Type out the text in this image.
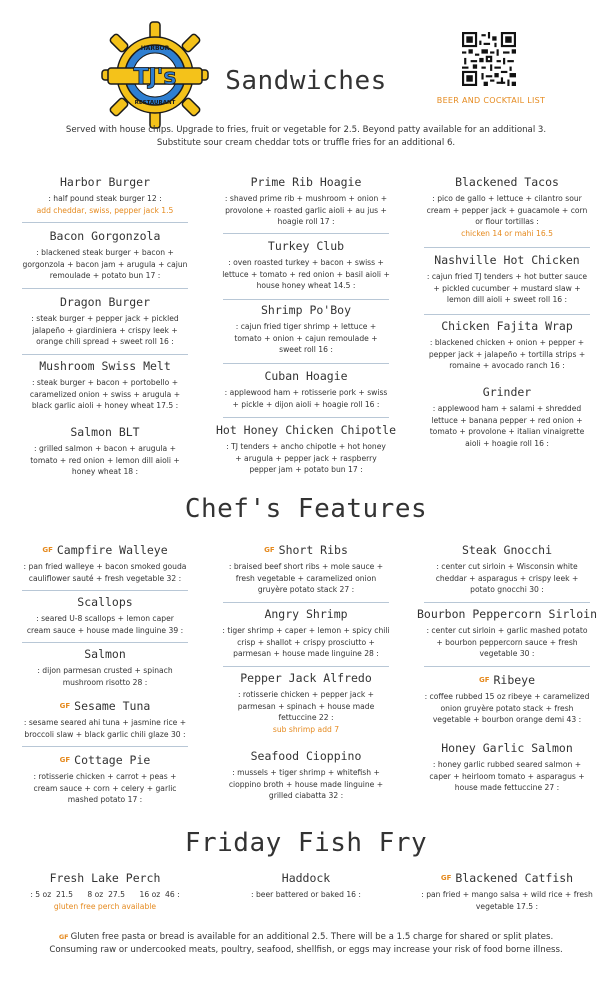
HARBOR
TJ's
RESTAURANT	BEER AND COCKTAIL LIST
Sandwiches
Served with house chips. Upgrade to fries, fruit or vegetable for 2.5. Beyond patty available for an additional 3.
Substitute sour cream cheddar tots or truffle fries for an additional 6.
Harbor Burger
: half pound steak burger 12 :
add cheddar, swiss, pepper jack 1.5
Bacon Gorgonzola
: blackened steak burger + bacon +
gorgonzola + bacon jam + arugula + cajun
remoulade + potato bun 17 :
Dragon Burger
: steak burger + pepper jack + pickled
jalapeño + giardiniera + crispy leek +
orange chili spread + sweet roll 16 :
Mushroom Swiss Melt
: steak burger + bacon + portobello +
caramelized onion + swiss + arugula +
black garlic aioli + honey wheat 17.5 :
Salmon BLT
: grilled salmon + bacon + arugula +
tomato + red onion + lemon dill aioli +
honey wheat 18 :
Prime Rib Hoagie
: shaved prime rib + mushroom + onion +
provolone + roasted garlic aioli + au jus +
hoagie roll 17 :
Turkey Club
: oven roasted turkey + bacon + swiss +
lettuce + tomato + red onion + basil aioli +
house honey wheat 14.5 :
Shrimp Po'Boy
: cajun fried tiger shrimp + lettuce +
tomato + onion + cajun remoulade +
sweet roll 16 :
Cuban Hoagie
: applewood ham + rotisserie pork + swiss
+ pickle + dijon aioli + hoagie roll 16 :
Hot Honey Chicken Chipotle
: TJ tenders + ancho chipotle + hot honey
+ arugula + pepper jack + raspberry
pepper jam + potato bun 17 :
Blackened Tacos
: pico de gallo + lettuce + cilantro sour
cream + pepper jack + guacamole + corn
or flour tortillas :
chicken 14 or mahi 16.5
Nashville Hot Chicken
: cajun fried TJ tenders + hot butter sauce
+ pickled cucumber + mustard slaw +
lemon dill aioli + sweet roll 16 :
Chicken Fajita Wrap
: blackened chicken + onion + pepper +
pepper jack + jalapeño + tortilla strips +
romaine + avocado ranch 16 :
Grinder
: applewood ham + salami + shredded
lettuce + banana pepper + red onion +
tomato + provolone + italian vinaigrette
aioli + hoagie roll 16 :
Chef's Features
GF Campfire Walleye
: pan fried walleye + bacon smoked gouda
cauliflower sauté + fresh vegetable 32 :
Scallops
: seared U-8 scallops + lemon caper
cream sauce + house made linguine 39 :
Salmon
: dijon parmesan crusted + spinach
mushroom risotto 28 :
GF Sesame Tuna
: sesame seared ahi tuna + jasmine rice +
broccoli slaw + black garlic chili glaze 30 :
GF Cottage Pie
: rotisserie chicken + carrot + peas +
cream sauce + corn + celery + garlic
mashed potato 17 :
GF Short Ribs
: braised beef short ribs + mole sauce +
fresh vegetable + caramelized onion
gruyère potato stack 27 :
Angry Shrimp
: tiger shrimp + caper + lemon + spicy chili
crisp + shallot + crispy prosciutto +
parmesan + house made linguine 28 :
Pepper Jack Alfredo
: rotisserie chicken + pepper jack +
parmesan + spinach + house made
fettuccine 22 :
sub shrimp add 7
Seafood Cioppino
: mussels + tiger shrimp + whitefish +
cioppino broth + house made linguine +
grilled ciabatta 32 :
Steak Gnocchi
: center cut sirloin + Wisconsin white
cheddar + asparagus + crispy leek +
potato gnocchi 30 :
Bourbon Peppercorn Sirloin
: center cut sirloin + garlic mashed potato
+ bourbon peppercorn sauce + fresh
vegetable 30 :
GF Ribeye
: coffee rubbed 15 oz ribeye + caramelized
onion gruyère potato stack + fresh
vegetable + bourbon orange demi 43 :
Honey Garlic Salmon
: honey garlic rubbed seared salmon +
caper + heirloom tomato + asparagus +
house made fettuccine 27 :
Friday Fish Fry
Fresh Lake Perch
: 5 oz  21.5      8 oz  27.5      16 oz  46 :
gluten free perch available
Haddock
: beer battered or baked 16 :
GF Blackened Catfish
: pan fried + mango salsa + wild rice + fresh
vegetable 17.5 :
GF Gluten free pasta or bread is available for an additional 2.5. There will be a 1.5 charge for shared or split plates.
Consuming raw or undercooked meats, poultry, seafood, shellfish, or eggs may increase your risk of food borne illness.
